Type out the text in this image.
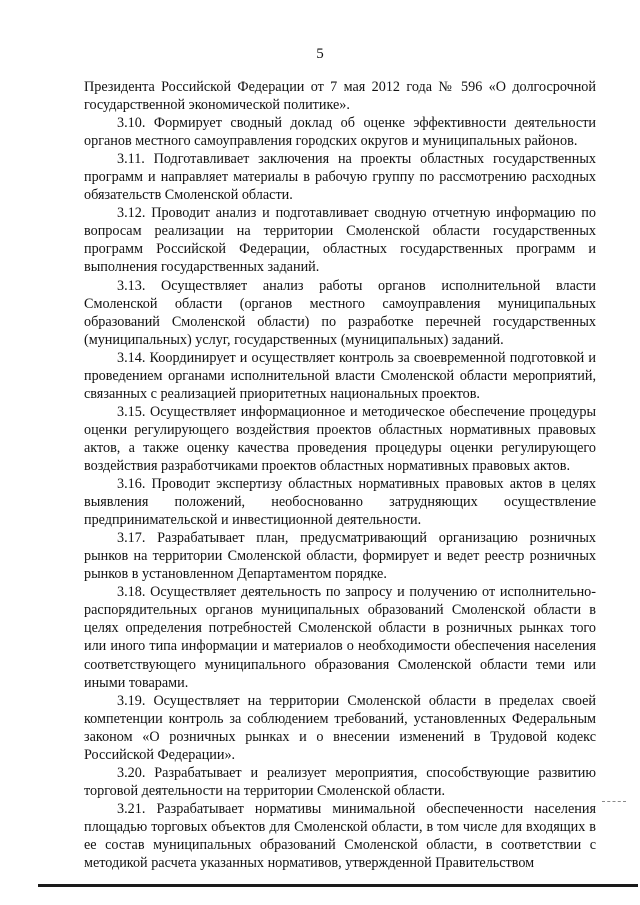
5

Президента Российской Федерации от 7 мая 2012 года № 596 «О долгосрочной государственной экономической политике».

3.10. Формирует сводный доклад об оценке эффективности деятельности органов местного самоуправления городских округов и муниципальных районов.

3.11. Подготавливает заключения на проекты областных государственных программ и направляет материалы в рабочую группу по рассмотрению расходных обязательств Смоленской области.

3.12. Проводит анализ и подготавливает сводную отчетную информацию по вопросам реализации на территории Смоленской области государственных программ Российской Федерации, областных государственных программ и выполнения государственных заданий.

3.13. Осуществляет анализ работы органов исполнительной власти Смоленской области (органов местного самоуправления муниципальных образований Смоленской области) по разработке перечней государственных (муниципальных) услуг, государственных (муниципальных) заданий.

3.14. Координирует и осуществляет контроль за своевременной подготовкой и проведением органами исполнительной власти Смоленской области мероприятий, связанных с реализацией приоритетных национальных проектов.

3.15. Осуществляет информационное и методическое обеспечение процедуры оценки регулирующего воздействия проектов областных нормативных правовых актов, а также оценку качества проведения процедуры оценки регулирующего воздействия разработчиками проектов областных нормативных правовых актов.

3.16. Проводит экспертизу областных нормативных правовых актов в целях выявления положений, необоснованно затрудняющих осуществление предпринимательской и инвестиционной деятельности.

3.17. Разрабатывает план, предусматривающий организацию розничных рынков на территории Смоленской области, формирует и ведет реестр розничных рынков в установленном Департаментом порядке.

3.18. Осуществляет деятельность по запросу и получению от исполнительно-распорядительных органов муниципальных образований Смоленской области в целях определения потребностей Смоленской области в розничных рынках того или иного типа информации и материалов о необходимости обеспечения населения соответствующего муниципального образования Смоленской области теми или иными товарами.

3.19. Осуществляет на территории Смоленской области в пределах своей компетенции контроль за соблюдением требований, установленных Федеральным законом «О розничных рынках и о внесении изменений в Трудовой кодекс Российской Федерации».

3.20. Разрабатывает и реализует мероприятия, способствующие развитию торговой деятельности на территории Смоленской области.

3.21. Разрабатывает нормативы минимальной обеспеченности населения площадью торговых объектов для Смоленской области, в том числе для входящих в ее состав муниципальных образований Смоленской области, в соответствии с методикой расчета указанных нормативов, утвержденной Правительством
